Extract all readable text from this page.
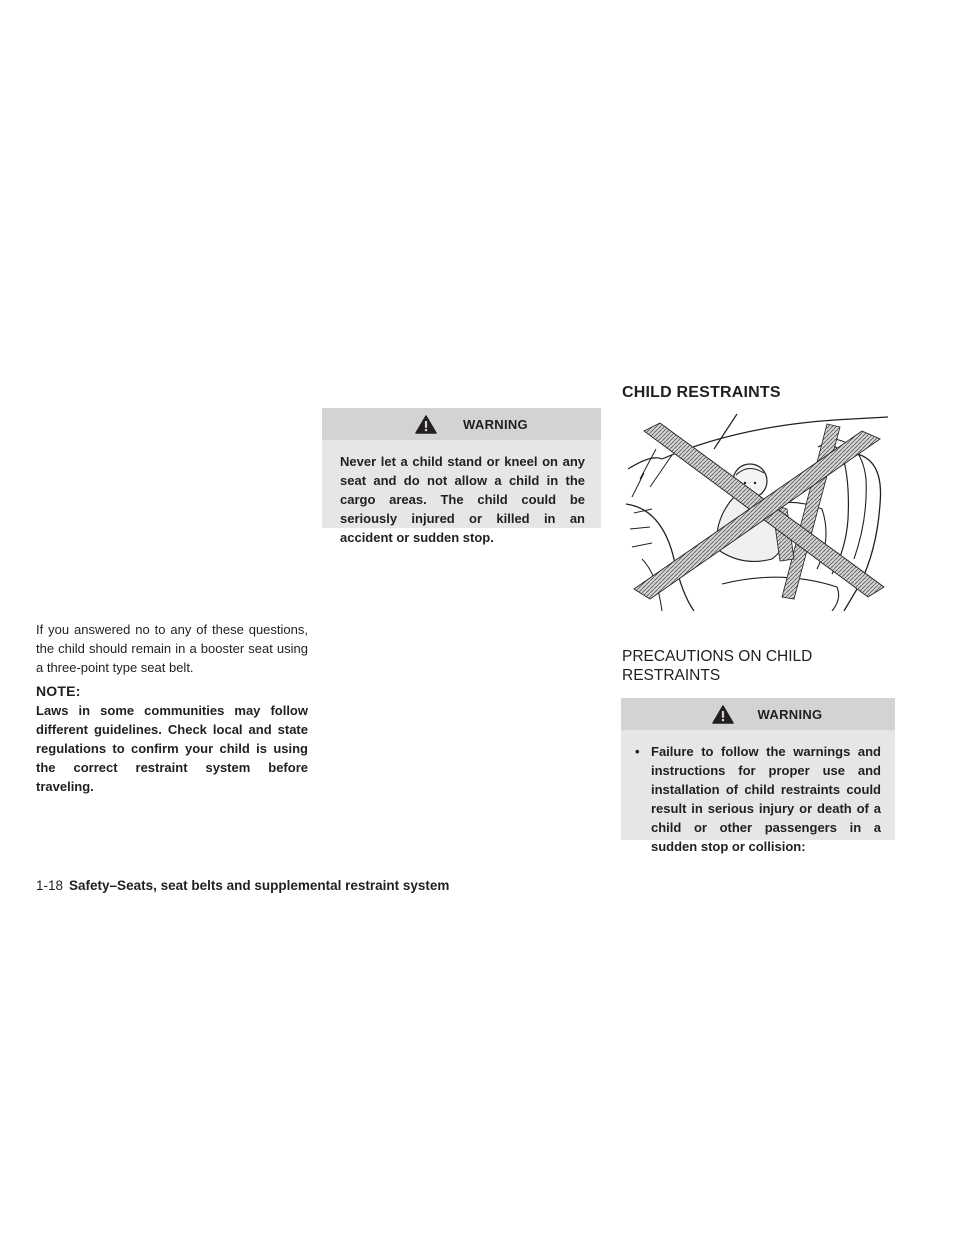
If you answered no to any of these questions, the child should remain in a booster seat using a three-point type seat belt.
NOTE:
Laws in some communities may follow different guidelines. Check local and state regulations to confirm your child is using the correct restraint system before traveling.
WARNING
Never let a child stand or kneel on any seat and do not allow a child in the cargo areas. The child could be seriously injured or killed in an accident or sudden stop.
CHILD RESTRAINTS
PRECAUTIONS ON CHILD RESTRAINTS
WARNING
• Failure to follow the warnings and instructions for proper use and installation of child restraints could result in serious injury or death of a child or other passengers in a sudden stop or collision:
1-18 Safety–Seats, seat belts and supplemental restraint system
